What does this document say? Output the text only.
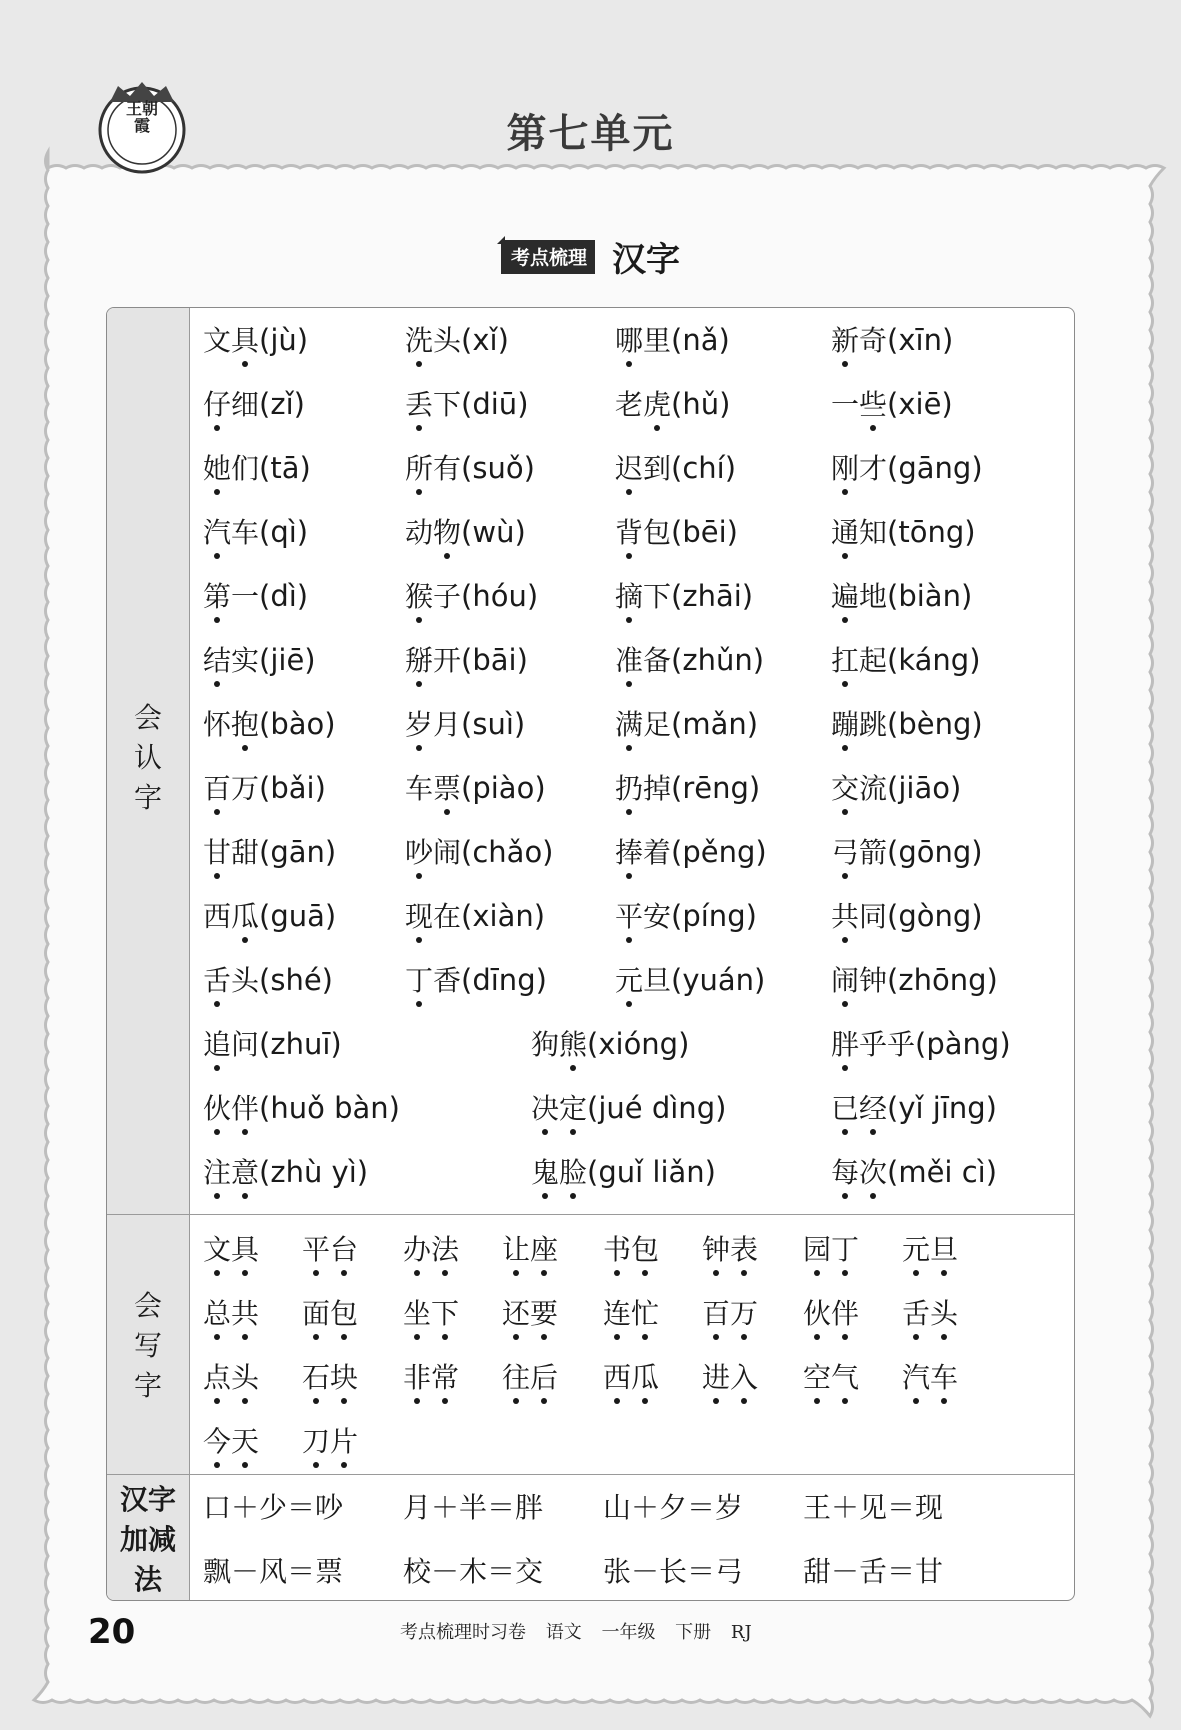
王朝霞	第七单元
考点梳理 汉字
会
认
字
会
写
字
汉字
加减
法
文具(jù)	洗头(xǐ)	哪里(nǎ)	新奇(xīn)
仔细(zǐ)	丢下(diū)	老虎(hǔ)	一些(xiē)
她们(tā)	所有(suǒ)	迟到(chí)	刚才(gāng)
汽车(qì)	动物(wù)	背包(bēi)	通知(tōng)
第一(dì)	猴子(hóu)	摘下(zhāi)	遍地(biàn)
结实(jiē)	掰开(bāi)	准备(zhǔn) 扛起(káng)
怀抱(bào) 岁月(suì)	满足(mǎn)	蹦跳(bèng)
百万(bǎi)	车票(piào) 扔掉(rēng)	交流(jiāo)
甘甜(gān) 吵闹(chǎo) 捧着(pěng) 弓箭(gōng)
西瓜(guā) 现在(xiàn) 平安(píng)	共同(gòng)
舌头(shé)	丁香(dīng) 元旦(yuán) 闹钟(zhōng)
追问(zhuī)	狗熊(xióng)	胖乎乎(pàng)
伙伴(huǒ bàn)	决定(jué dìng)	已经(yǐ jīng)
注意(zhù yì)	鬼脸(guǐ liǎn)	每次(měi cì)
文具 平台 办法 让座 书包 钟表 园丁 元旦
总共 面包 坐下 还要 连忙 百万 伙伴 舌头
点头 石块 非常 往后 西瓜 进入 空气 汽车
今天 刀片
口＋少＝吵 月＋半＝胖 山＋夕＝岁 王＋见＝现
飘－风＝票 校－木＝交 张－长＝弓 甜－舌＝甘
20	考点梳理时习卷 语文 一年级 下册 RJ
